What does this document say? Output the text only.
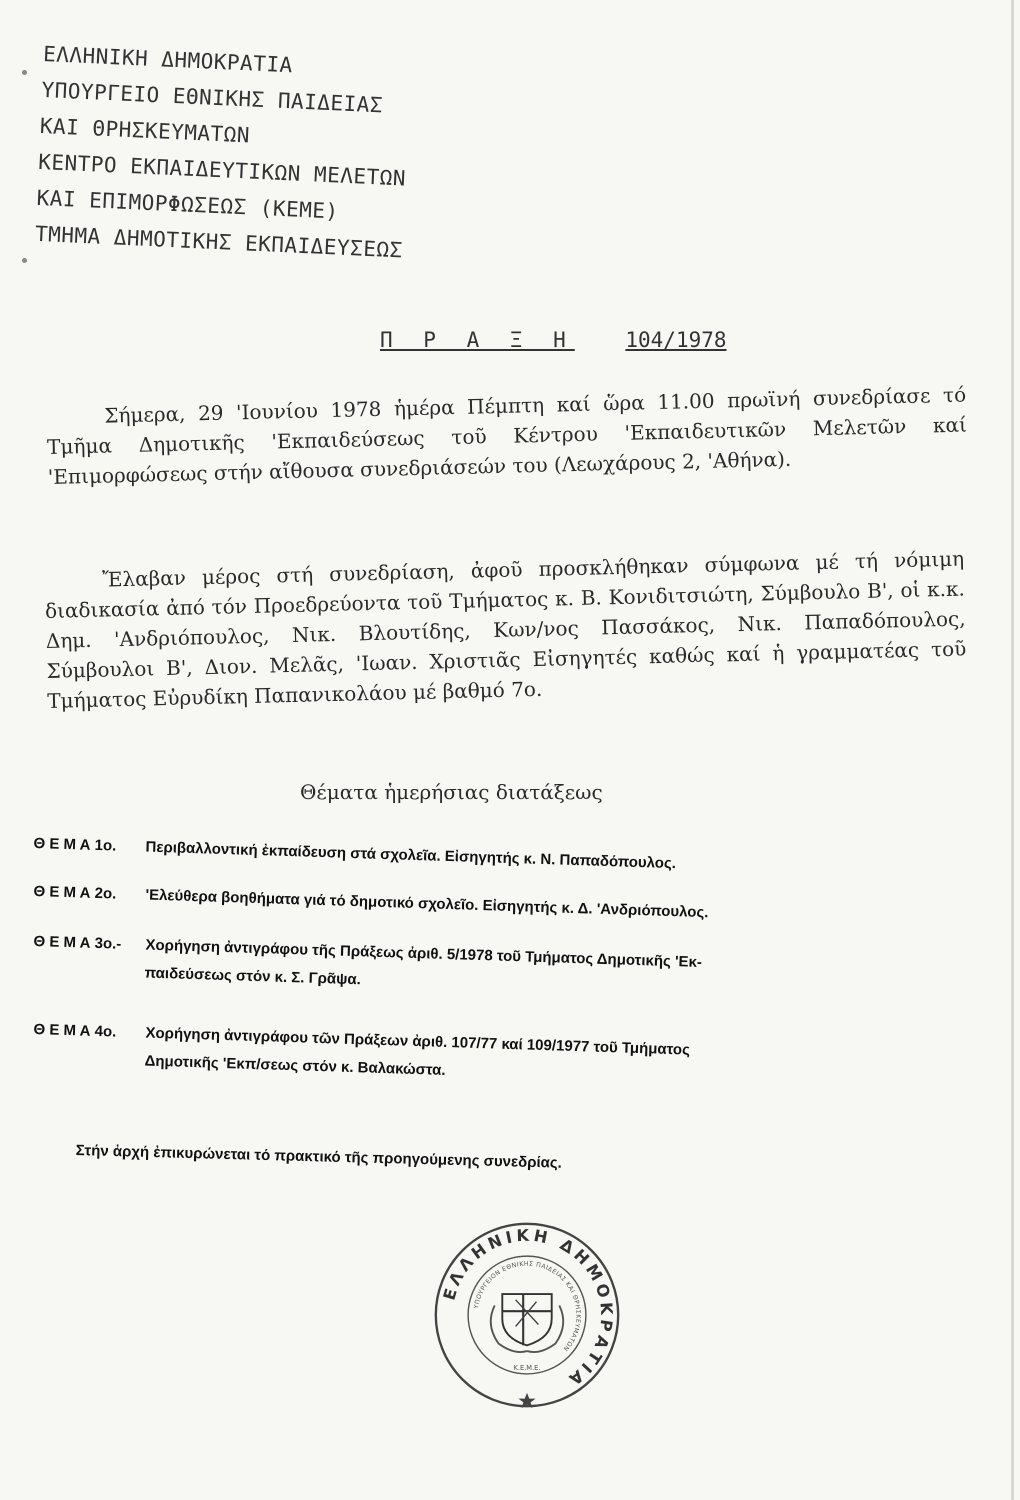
ΕΛΛΗΝΙΚΗ ΔΗΜΟΚΡΑΤΙΑ
ΥΠΟΥΡΓΕΙΟ ΕΘΝΙΚΗΣ ΠΑΙΔΕΙΑΣ
ΚΑΙ ΘΡΗΣΚΕΥΜΑΤΩΝ
ΚΕΝΤΡΟ ΕΚΠΑΙΔΕΥΤΙΚΩΝ ΜΕΛΕΤΩΝ
ΚΑΙ ΕΠΙΜΟΡΦΩΣΕΩΣ (ΚΕΜΕ)
ΤΜΗΜΑ ΔΗΜΟΤΙΚΗΣ ΕΚΠΑΙΔΕΥΣΕΩΣ
Π Ρ Α Ξ Η 104/1978
Σήμερα, 29 'Ιουνίου 1978 ἡμέρα Πέμπτη καί ὥρα 11.00 πρωϊνή συνεδρίασε τό Τμῆμα Δημοτικῆς 'Εκπαιδεύσεως τοῦ Κέντρου 'Εκπαιδευτικῶν Μελετῶν καί 'Επιμορφώσεως στήν αἴθουσα συνεδριάσεών του (Λεωχάρους 2, 'Αθήνα).
Ἔλαβαν μέρος στή συνεδρίαση, ἀφοῦ προσκλήθηκαν σύμφωνα μέ τή νόμιμη διαδικασία ἀπό τόν Προεδρεύοντα τοῦ Τμήματος κ. Β. Κονιδιτσιώτη, Σύμβουλο Β', οἱ κ.κ. Δημ. 'Ανδριόπουλος, Νικ. Βλουτίδης, Κων/νος Πασσάκος, Νικ. Παπαδόπουλος, Σύμβουλοι Β', Διον. Μελᾶς, 'Ιωαν. Χριστιᾶς Εἰσηγητές καθώς καί ἡ γραμματέας τοῦ Τμήματος Εὐρυδίκη Παπανικολάου μέ βαθμό 7ο.
Θέματα ἡμερήσιας διατάξεως
Θ Ε Μ Α 1ο. Περιβαλλοντική ἐκπαίδευση στά σχολεῖα. Εἰσηγητής κ. Ν. Παπαδόπουλος.
Θ Ε Μ Α 2ο. 'Ελεύθερα βοηθήματα γιά τό δημοτικό σχολεῖο. Εἰσηγητής κ. Δ. 'Ανδριόπουλος.
Θ Ε Μ Α 3ο.- Χορήγηση ἀντιγράφου τῆς Πράξεως ἀριθ. 5/1978 τοῦ Τμήματος Δημοτικῆς 'Εκ-
παιδεύσεως στόν κ. Σ. Γρᾶψα.
Θ Ε Μ Α 4ο. Χορήγηση ἀντιγράφου τῶν Πράξεων ἀριθ. 107/77 καί 109/1977 τοῦ Τμήματος
Δημοτικῆς 'Εκπ/σεως στόν κ. Βαλακώστα.
Στήν ἀρχή ἐπικυρώνεται τό πρακτικό τῆς προηγούμενης συνεδρίας.
ΕΛΛΗΝΙΚΗ ΔΗΜΟΚΡΑΤΙΑ
ΥΠΟΥΡΓΕΙΟΝ ΕΘΝΙΚΗΣ ΠΑΙΔΕΙΑΣ ΚΑΙ ΘΡΗΣΚΕΥΜΑΤΩΝ
Κ.Ε.Μ.Ε.
